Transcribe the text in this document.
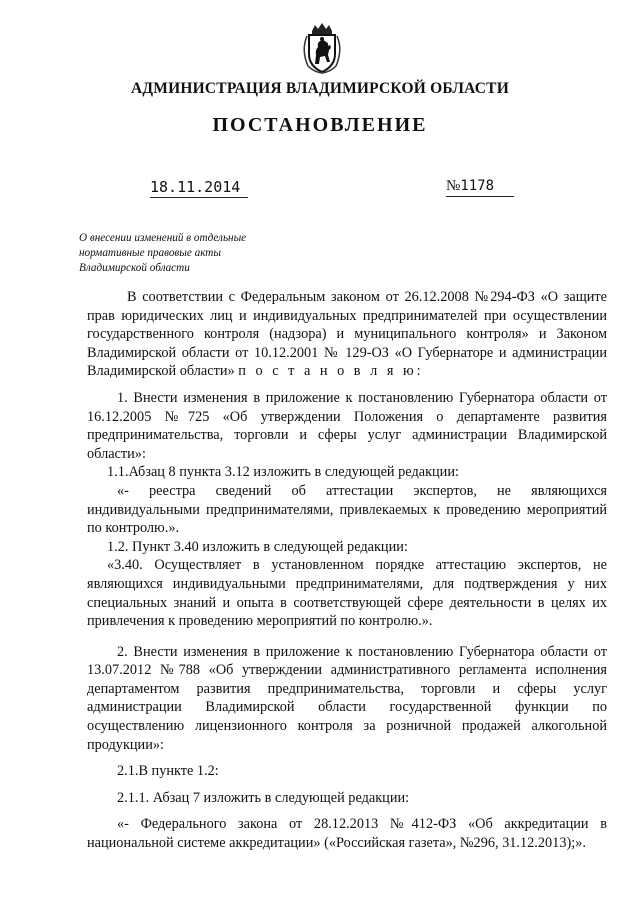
АДМИНИСТРАЦИЯ ВЛАДИМИРСКОЙ ОБЛАСТИ
ПОСТАНОВЛЕНИЕ
18.11.2014	№1178
О внесении изменений в отдельные
нормативные правовые акты
Владимирской области

В соответствии с Федеральным законом от 26.12.2008 №294-ФЗ «О защите прав юридических лиц и индивидуальных предпринимателей при осуществлении государственного контроля (надзора) и муниципального контроля» и Законом Владимирской области от 10.12.2001 № 129-ОЗ «О Губернаторе и администрации Владимирской области» п о с т а н о в л я ю:

1. Внести изменения в приложение к постановлению Губернатора области от 16.12.2005 №725 «Об утверждении Положения о департаменте развития предпринимательства, торговли и сферы услуг администрации Владимирской области»:

1.1.Абзац 8 пункта 3.12 изложить в следующей редакции:

«- реестра сведений об аттестации экспертов, не являющихся индивидуальными предпринимателями, привлекаемых к проведению мероприятий по контролю.».

1.2. Пункт 3.40 изложить в следующей редакции:

«3.40. Осуществляет в установленном порядке аттестацию экспертов, не являющихся индивидуальными предпринимателями, для подтверждения у них специальных знаний и опыта в соответствующей сфере деятельности в целях их привлечения к проведению мероприятий по контролю.».

2. Внести изменения в приложение к постановлению Губернатора области от 13.07.2012 №788 «Об утверждении административного регламента исполнения департаментом развития предпринимательства, торговли и сферы услуг администрации Владимирской области государственной функции по осуществлению лицензионного контроля за розничной продажей алкогольной продукции»:

2.1.В пункте 1.2:

2.1.1. Абзац 7 изложить в следующей редакции:

«- Федерального закона от 28.12.2013 №412-ФЗ «Об аккредитации в национальной системе аккредитации» («Российская газета», №296, 31.12.2013);».
